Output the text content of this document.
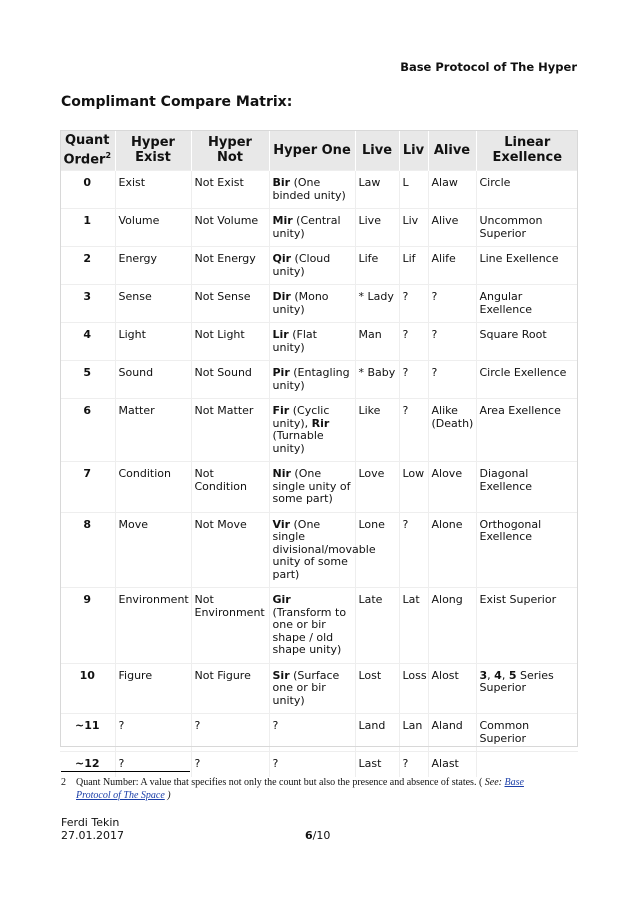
Base Protocol of The Hyper
Complimant Compare Matrix:
Quant Order$^2$	Hyper Exist	Hyper Not	Hyper One	Live	Liv	Alive	Linear Exellence
0	Exist	Not Exist	Bir (One binded unity)	Law	L	Alaw	Circle
1	Volume	Not Volume	Mir (Central unity)	Live	Liv	Alive	Uncommon Superior
2	Energy	Not Energy	Qir (Cloud unity)	Life	Lif	Alife	Line Exellence
3	Sense	Not Sense	Dir (Mono unity)	* Lady	?	?	Angular Exellence
4	Light	Not Light	Lir (Flat unity)	Man	?	?	Square Root
5	Sound	Not Sound	Pir (Entagling unity)	* Baby	?	?	Circle Exellence
6	Matter	Not Matter	Fir (Cyclic unity), Rir (Turnable unity)	Like	?	Alike (Death)	Area Exellence
7	Condition	Not Condition	Nir (One single unity of some part)	Love	Low	Alove	Diagonal Exellence
8	Move	Not Move	Vir (One single divisional/movable unity of some part)	Lone	?	Alone	Orthogonal Exellence
9	Environment	Not Environment	Gir (Transform to one or bir shape / old shape unity)	Late	Lat	Along	Exist Superior
10	Figure	Not Figure	Sir (Surface one or bir unity)	Lost	Loss	Alost	3, 4, 5 Series Superior
~11	?	?	?	Land	Lan	Aland	Common Superior
~12	?	?	?	Last	?	Alast	
2 Quant Number: A value that specifies not only the count but also the presence and absence of states. ( See: Base
Protocol of The Space )
Ferdi Tekin
27.01.2017	6/10
